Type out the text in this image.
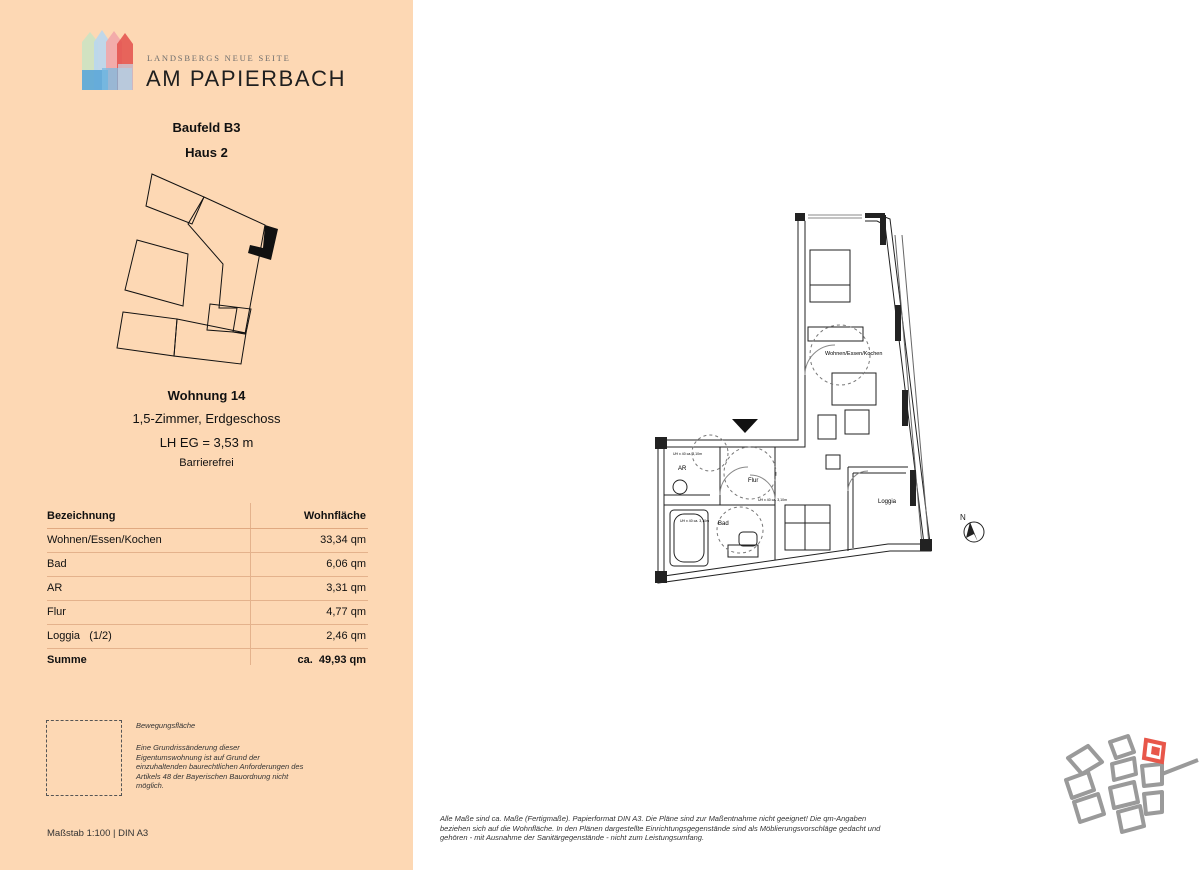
LANDSBERGS NEUE SEITE
AM PAPIERBACH
Baufeld B3
Haus 2
Wohnung 14
1,5-Zimmer, Erdgeschoss
LH EG = 3,53 m
Barrierefrei
Bezeichnung	Wohnfläche
Wohnen/Essen/Kochen	33,34 qm
Bad	6,06 qm
AR	3,31 qm
Flur	4,77 qm
Loggia   (1/2)	2,46 qm
Summe	ca.  49,93 qm
Bewegungsfläche
Eine Grundrissänderung dieser Eigentumswohnung ist auf Grund der einzuhaltenden baurechtlichen Anforderungen des Artikels 48 der Bayerischen Bauordnung nicht möglich.
Maßstab 1:100 | DIN A3
Wohnen/Essen/Kochen
AR
Flur
Bad
Loggia
UH x 40 ca. 3,10m
UH x 40 ca. 3,10m
UH x 40 ca. 3,10m
N
Alle Maße sind ca. Maße (Fertigmaße). Papierformat DIN A3. Die Pläne sind zur Maßentnahme nicht geeignet! Die qm-Angaben beziehen sich auf die Wohnfläche. In den Plänen dargestellte Einrichtungsgegenstände sind als Möblierungsvorschläge gedacht und gehören - mit Ausnahme der Sanitärgegenstände - nicht zum Leistungsumfang.
